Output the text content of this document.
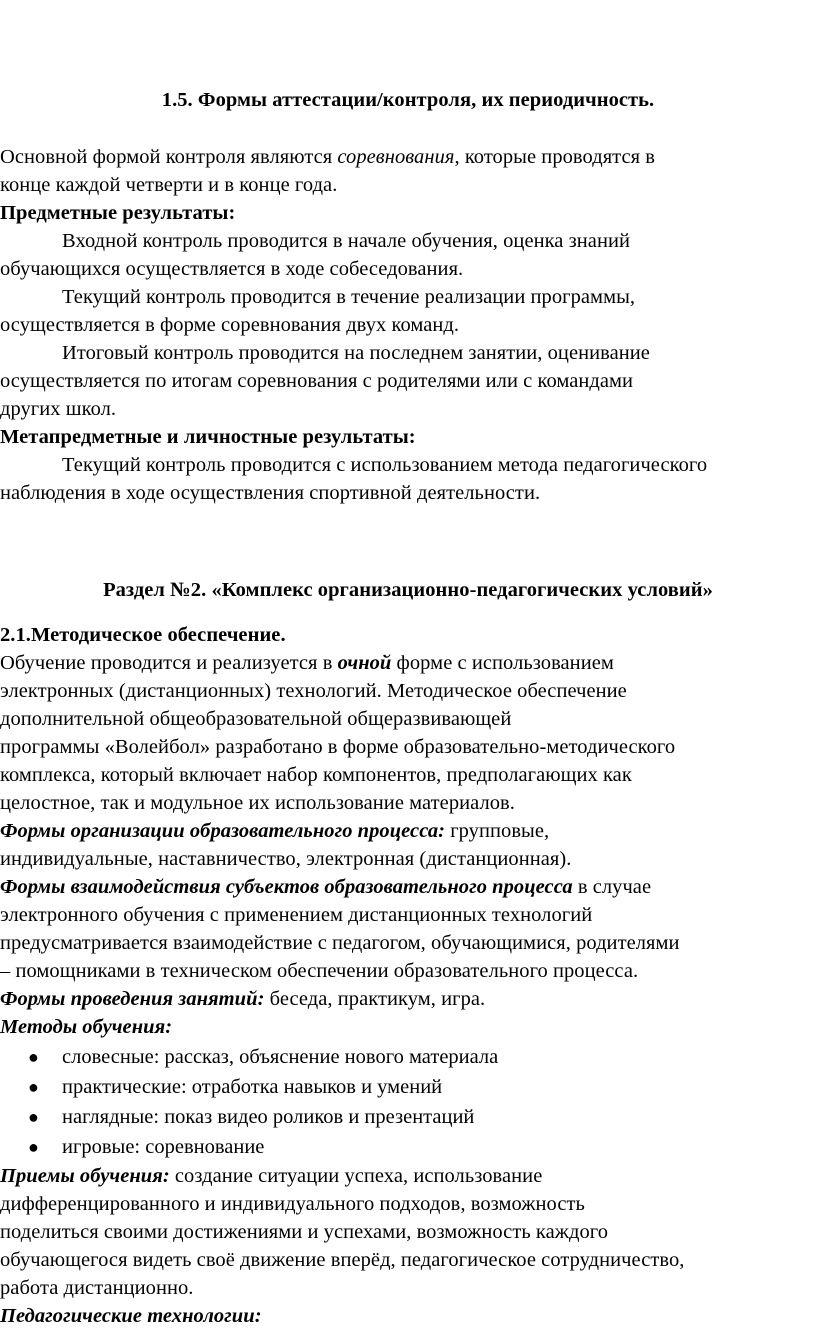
1.5. Формы аттестации/контроля, их периодичность.
Основной формой контроля являются соревнования, которые проводятся в
конце каждой четверти и в конце года.
Предметные результаты:
Входной контроль проводится в начале обучения, оценка знаний
обучающихся осуществляется в ходе собеседования.
Текущий контроль проводится в течение реализации программы,
осуществляется в форме соревнования двух команд.
Итоговый контроль проводится на последнем занятии, оценивание
осуществляется по итогам соревнования с родителями или с командами
других школ.
Метапредметные и личностные результаты:
Текущий контроль проводится с использованием метода педагогического
наблюдения в ходе осуществления спортивной деятельности.
Раздел №2. «Комплекс организационно-педагогических условий»
2.1.Методическое обеспечение.
Обучение проводится и реализуется в очной форме с использованием
электронных (дистанционных) технологий. Методическое обеспечение
дополнительной общеобразовательной общеразвивающей
программы «Волейбол» разработано в форме образовательно-методического
комплекса, который включает набор компонентов, предполагающих как
целостное, так и модульное их использование материалов.
Формы организации образовательного процесса: групповые,
индивидуальные, наставничество, электронная (дистанционная).
Формы взаимодействия субъектов образовательного процесса в случае
электронного обучения с применением дистанционных технологий
предусматривается взаимодействие с педагогом, обучающимися, родителями
– помощниками в техническом обеспечении образовательного процесса.
Формы проведения занятий: беседа, практикум, игра.
Методы обучения:
● словесные: рассказ, объяснение нового материала
● практические: отработка навыков и умений
● наглядные: показ видео роликов и презентаций
● игровые: соревнование
Приемы обучения: создание ситуации успеха, использование
дифференцированного и индивидуального подходов, возможность
поделиться своими достижениями и успехами, возможность каждого
обучающегося видеть своё движение вперёд, педагогическое сотрудничество,
работа дистанционно.
Педагогические технологии:
